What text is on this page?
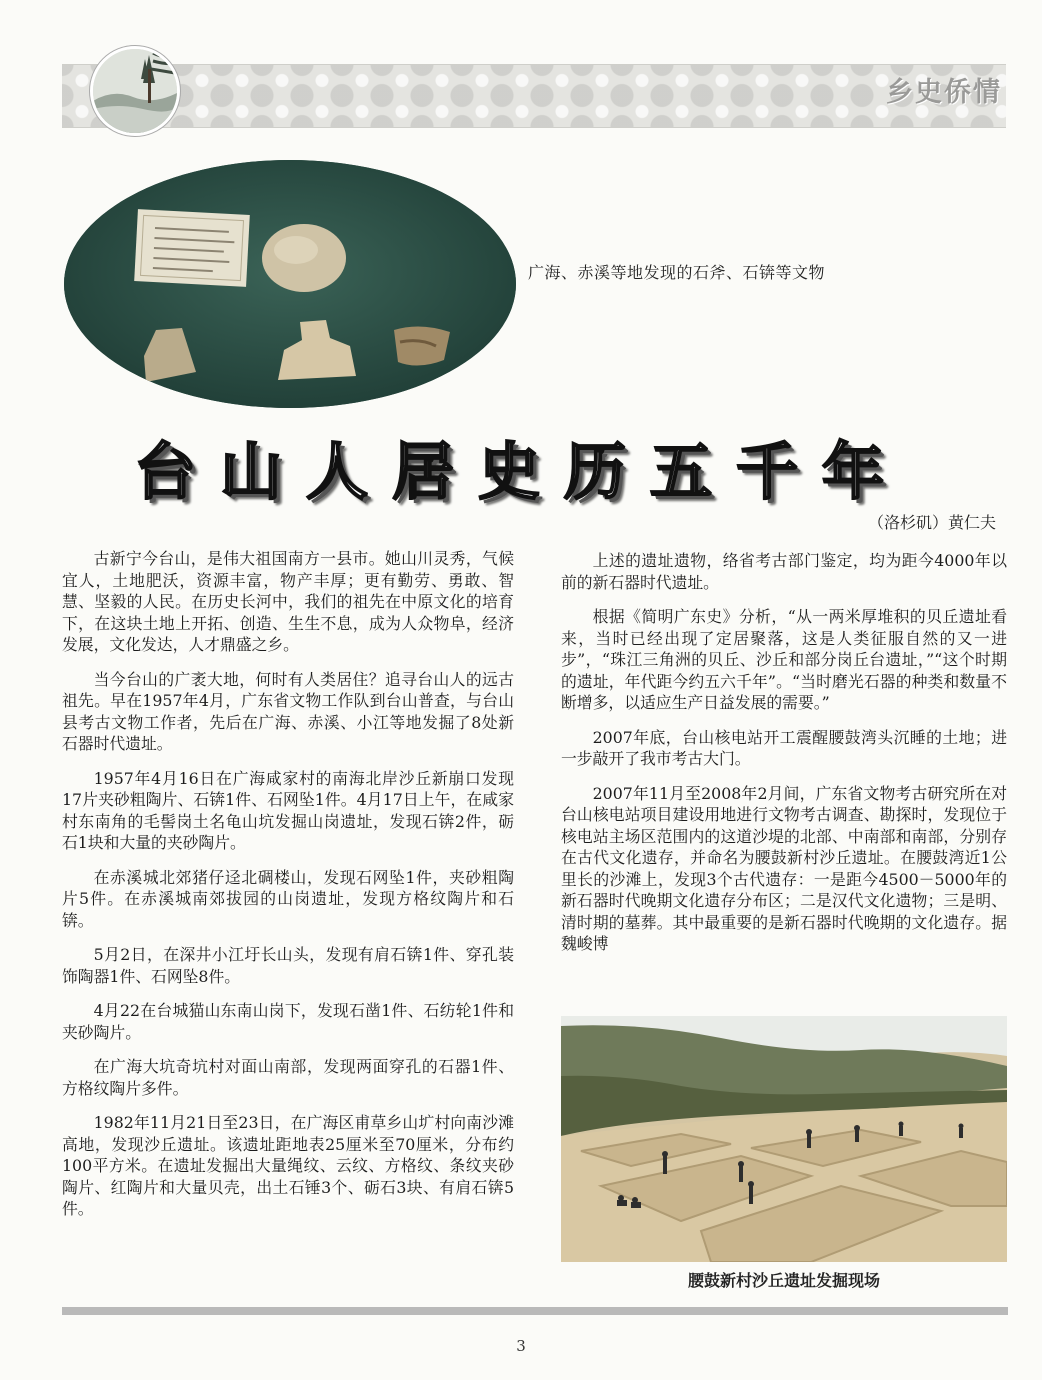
乡史侨情
广海、赤溪等地发现的石斧、石锛等文物
台山人居史历五千年
（洛杉矶）黄仁夫

古新宁今台山，是伟大祖国南方一县市。她山川灵秀，气候宜人，土地肥沃，资源丰富，物产丰厚；更有勤劳、勇敢、智慧、坚毅的人民。在历史长河中，我们的祖先在中原文化的培育下，在这块土地上开拓、创造、生生不息，成为人众物阜，经济发展，文化发达，人才鼎盛之乡。

当今台山的广袤大地，何时有人类居住？追寻台山人的远古祖先。早在1957年4月，广东省文物工作队到台山普查，与台山县考古文物工作者，先后在广海、赤溪、小江等地发掘了8处新石器时代遗址。

1957年4月16日在广海咸家村的南海北岸沙丘新崩口发现17片夹砂粗陶片、石锛1件、石网坠1件。4月17日上午，在咸家村东南角的毛髻岗土名龟山坑发掘山岗遗址，发现石锛2件，砺石1块和大量的夹砂陶片。

在赤溪城北郊猪仔迳北碉楼山，发现石网坠1件，夹砂粗陶片5件。在赤溪城南郊拔园的山岗遗址，发现方格纹陶片和石锛。

5月2日，在深井小江圩长山头，发现有肩石锛1件、穿孔装饰陶器1件、石网坠8件。

4月22在台城猫山东南山岗下，发现石凿1件、石纺轮1件和夹砂陶片。

在广海大坑奇坑村对面山南部，发现两面穿孔的石器1件、方格纹陶片多件。

1982年11月21日至23日，在广海区甫草乡山圹村向南沙滩高地，发现沙丘遗址。该遗址距地表25厘米至70厘米，分布约100平方米。在遗址发掘出大量绳纹、云纹、方格纹、条纹夹砂陶片、红陶片和大量贝壳，出土石锤3个、砺石3块、有肩石锛5件。

上述的遗址遗物，络省考古部门鉴定，均为距今4000年以前的新石器时代遗址。

根据《简明广东史》分析，“从一两米厚堆积的贝丘遗址看来，当时已经出现了定居聚落，这是人类征服自然的又一进步”，“珠江三角洲的贝丘、沙丘和部分岗丘台遗址，”“这个时期的遗址，年代距今约五六千年”。“当时磨光石器的种类和数量不断增多，以适应生产日益发展的需要。”

2007年底，台山核电站开工震醒腰鼓湾头沉睡的土地；进一步敲开了我市考古大门。

2007年11月至2008年2月间，广东省文物考古研究所在对台山核电站项目建设用地进行文物考古调查、勘探时，发现位于核电站主场区范围内的这道沙堤的北部、中南部和南部，分别存在古代文化遗存，并命名为腰鼓新村沙丘遗址。在腰鼓湾近1公里长的沙滩上，发现3个古代遗存：一是距今4500－5000年的新石器时代晚期文化遗存分布区；二是汉代文化遗物；三是明、清时期的墓葬。其中最重要的是新石器时代晚期的文化遗存。据魏峻博

腰鼓新村沙丘遗址发掘现场
3
